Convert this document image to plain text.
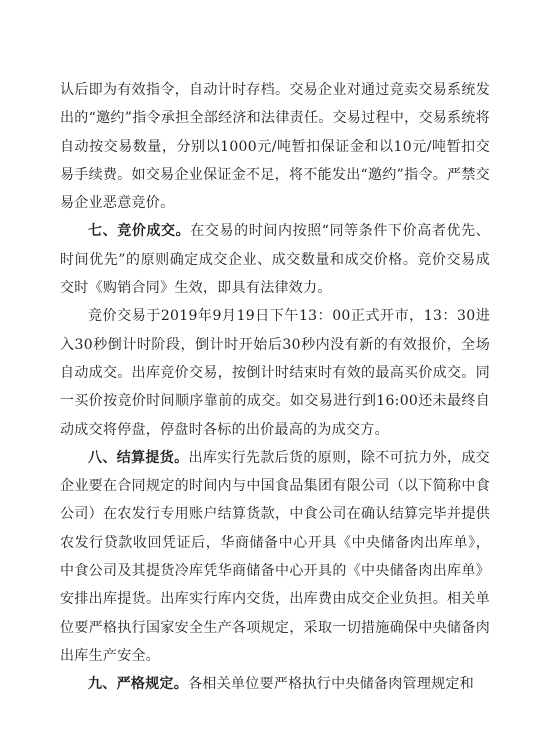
认后即为有效指令，自动计时存档。交易企业对通过竞卖交易系统发出的“邀约”指令承担全部经济和法律责任。交易过程中，交易系统将自动按交易数量，分别以1000元/吨暂扣保证金和以10元/吨暂扣交易手续费。如交易企业保证金不足，将不能发出“邀约”指令。严禁交易企业恶意竞价。

七、竞价成交。在交易的时间内按照“同等条件下价高者优先、时间优先”的原则确定成交企业、成交数量和成交价格。竞价交易成交时《购销合同》生效，即具有法律效力。

竞价交易于2019年9月19日下午13：00正式开市，13：30进入30秒倒计时阶段，倒计时开始后30秒内没有新的有效报价，全场自动成交。出库竞价交易，按倒计时结束时有效的最高买价成交。同一买价按竞价时间顺序靠前的成交。如交易进行到16:00还未最终自动成交将停盘，停盘时各标的出价最高的为成交方。

八、结算提货。出库实行先款后货的原则，除不可抗力外，成交企业要在合同规定的时间内与中国食品集团有限公司（以下简称中食公司）在农发行专用账户结算货款，中食公司在确认结算完毕并提供农发行贷款收回凭证后，华商储备中心开具《中央储备肉出库单》，中食公司及其提货冷库凭华商储备中心开具的《中央储备肉出库单》安排出库提货。出库实行库内交货，出库费由成交企业负担。相关单位要严格执行国家安全生产各项规定，采取一切措施确保中央储备肉出库生产安全。

九、严格规定。各相关单位要严格执行中央储备肉管理规定和
